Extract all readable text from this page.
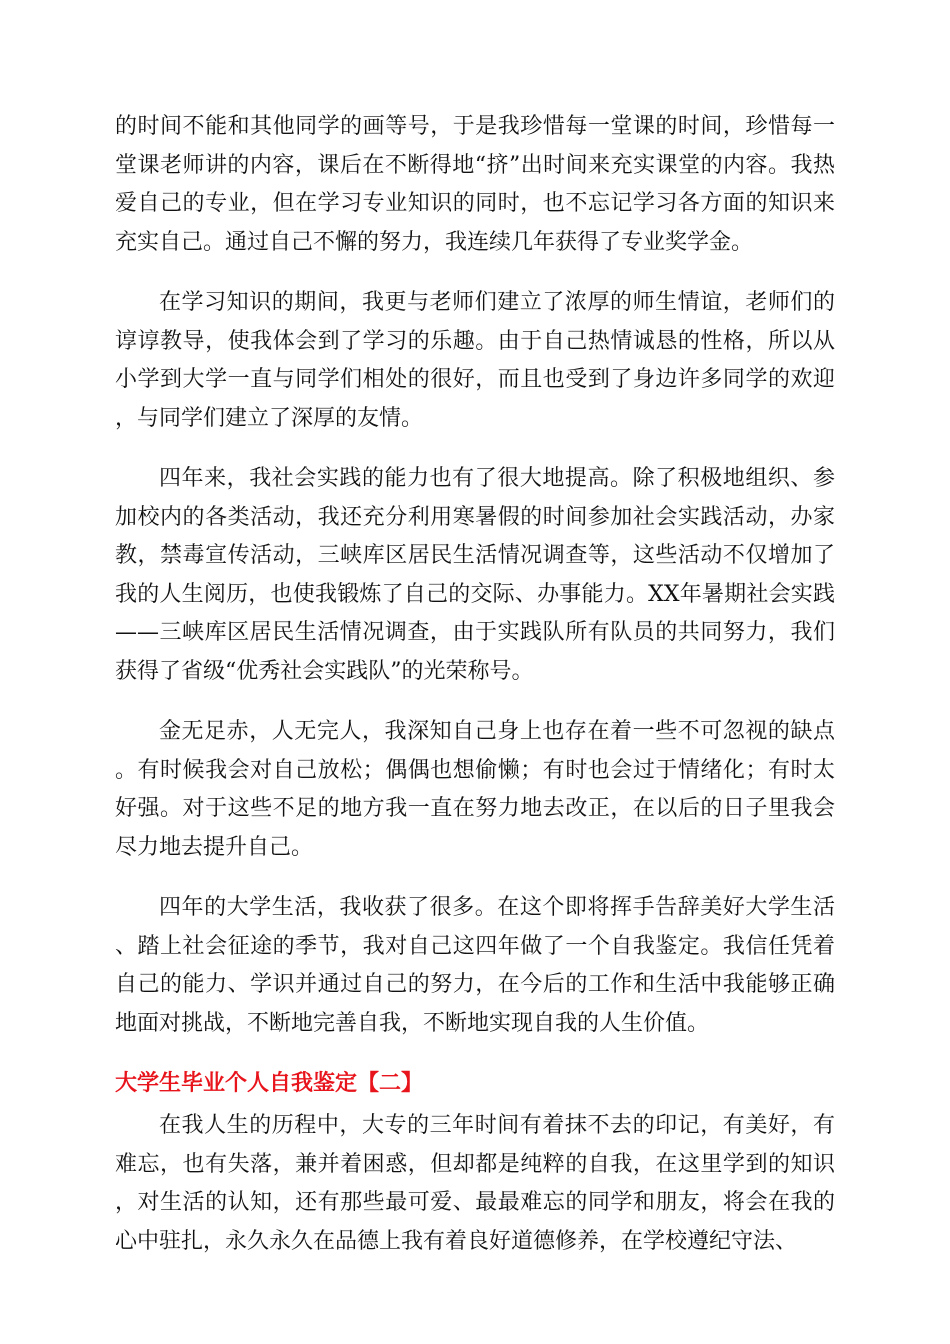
的时间不能和其他同学的画等号，于是我珍惜每一堂课的时间，珍惜每一堂课老师讲的内容，课后在不断得地“挤”出时间来充实课堂的内容。我热爱自己的专业，但在学习专业知识的同时，也不忘记学习各方面的知识来充实自己。通过自己不懈的努力，我连续几年获得了专业奖学金。

在学习知识的期间，我更与老师们建立了浓厚的师生情谊，老师们的谆谆教导，使我体会到了学习的乐趣。由于自己热情诚恳的性格，所以从小学到大学一直与同学们相处的很好，而且也受到了身边许多同学的欢迎，与同学们建立了深厚的友情。

四年来，我社会实践的能力也有了很大地提高。除了积极地组织、参加校内的各类活动，我还充分利用寒暑假的时间参加社会实践活动，办家教，禁毒宣传活动，三峡库区居民生活情况调查等，这些活动不仅增加了我的人生阅历，也使我锻炼了自己的交际、办事能力。XX年暑期社会实践——三峡库区居民生活情况调查，由于实践队所有队员的共同努力，我们获得了省级“优秀社会实践队”的光荣称号。

金无足赤，人无完人，我深知自己身上也存在着一些不可忽视的缺点。有时候我会对自己放松；偶偶也想偷懒；有时也会过于情绪化；有时太好强。对于这些不足的地方我一直在努力地去改正，在以后的日子里我会尽力地去提升自己。

四年的大学生活，我收获了很多。在这个即将挥手告辞美好大学生活、踏上社会征途的季节，我对自己这四年做了一个自我鉴定。我信任凭着自己的能力、学识并通过自己的努力，在今后的工作和生活中我能够正确地面对挑战，不断地完善自我，不断地实现自我的人生价值。

大学生毕业个人自我鉴定【二】

在我人生的历程中，大专的三年时间有着抹不去的印记，有美好，有难忘，也有失落，兼并着困惑，但却都是纯粹的自我，在这里学到的知识，对生活的认知，还有那些最可爱、最最难忘的同学和朋友，将会在我的心中驻扎，永久永久在品德上我有着良好道德修养，在学校遵纪守法、
